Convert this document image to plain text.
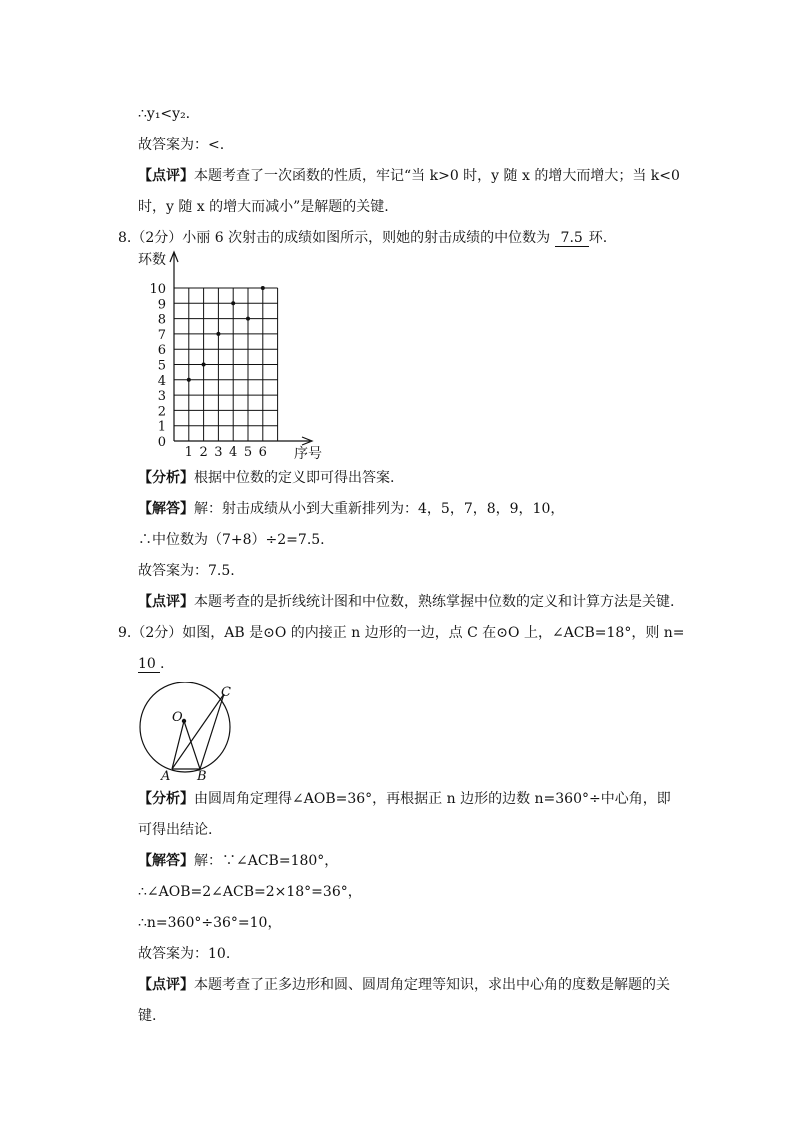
∴y₁<y₂.
故答案为：<.
【点评】本题考查了一次函数的性质，牢记“当 k>0 时，y 随 x 的增大而增大；当 k<0
时，y 随 x 的增大而减小”是解题的关键.
8.（2分）小丽 6 次射击的成绩如图所示，则她的射击成绩的中位数为 7.5 环.
环数
序号
0
1
2
3
4
5
6
7
8
9
10
1 2 3 4 5 6
【分析】根据中位数的定义即可得出答案.
【解答】解：射击成绩从小到大重新排列为：4，5，7，8，9，10，
∴中位数为（7+8）÷2=7.5.
故答案为：7.5.
【点评】本题考查的是折线统计图和中位数，熟练掌握中位数的定义和计算方法是关键.
9.（2分）如图，AB 是⊙O 的内接正 n 边形的一边，点 C 在⊙O 上，∠ACB=18°，则 n=
10 .
O
A B
C
【分析】由圆周角定理得∠AOB=36°，再根据正 n 边形的边数 n=360°÷中心角，即
可得出结论.
【解答】解：∵∠ACB=180°，
∴∠AOB=2∠ACB=2×18°=36°，
∴n=360°÷36°=10，
故答案为：10.
【点评】本题考查了正多边形和圆、圆周角定理等知识，求出中心角的度数是解题的关
键.
